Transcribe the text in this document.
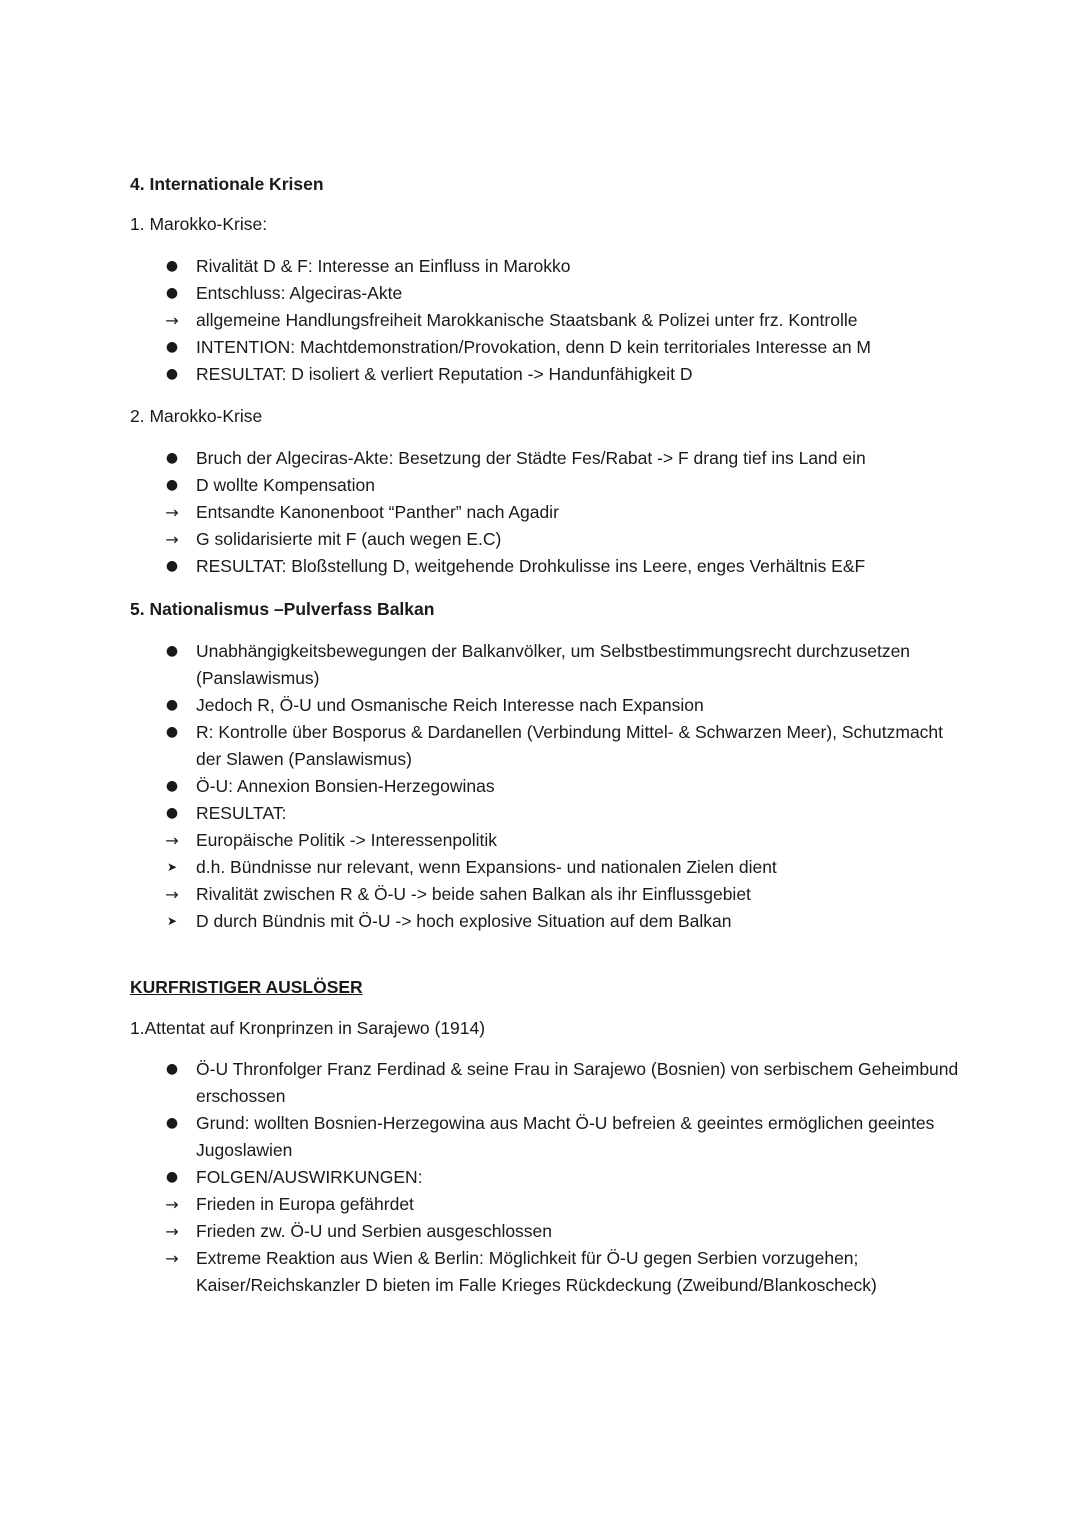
4. Internationale Krisen
1. Marokko-Krise:
●	Rivalität D & F: Interesse an Einfluss in Marokko
●	Entschluss: Algeciras-Akte
→ allgemeine Handlungsfreiheit Marokkanische Staatsbank & Polizei unter frz. Kontrolle
●	INTENTION: Machtdemonstration/Provokation, denn D kein territoriales Interesse an M
●	RESULTAT: D isoliert & verliert Reputation -> Handunfähigkeit D
2. Marokko-Krise
●	Bruch der Algeciras-Akte: Besetzung der Städte Fes/Rabat -> F drang tief ins Land ein
●	D wollte Kompensation
→ Entsandte Kanonenboot “Panther” nach Agadir
→ G solidarisierte mit F (auch wegen E.C)
●	RESULTAT: Bloßstellung D, weitgehende Drohkulisse ins Leere, enges Verhältnis E&F
5. Nationalismus –Pulverfass Balkan
●	Unabhängigkeitsbewegungen der Balkanvölker, um Selbstbestimmungsrecht durchzusetzen (Panslawismus)
●	Jedoch R, Ö-U und Osmanische Reich Interesse nach Expansion
●	R: Kontrolle über Bosporus & Dardanellen (Verbindung Mittel- & Schwarzen Meer), Schutzmacht der Slawen (Panslawismus)
●	Ö-U: Annexion Bonsien-Herzegowinas
●	RESULTAT:
→ Europäische Politik -> Interessenpolitik
➤	d.h. Bündnisse nur relevant, wenn Expansions- und nationalen Zielen dient
→ Rivalität zwischen R & Ö-U -> beide sahen Balkan als ihr Einflussgebiet
➤	D durch Bündnis mit Ö-U -> hoch explosive Situation auf dem Balkan
KURFRISTIGER AUSLÖSER
1.Attentat auf Kronprinzen in Sarajewo (1914)
●	Ö-U Thronfolger Franz Ferdinad & seine Frau in Sarajewo (Bosnien) von serbischem Geheimbund erschossen
●	Grund: wollten Bosnien-Herzegowina aus Macht Ö-U befreien & geeintes ermöglichen geeintes Jugoslawien
●	FOLGEN/AUSWIRKUNGEN:
→ Frieden in Europa gefährdet
→ Frieden zw. Ö-U und Serbien ausgeschlossen
→ Extreme Reaktion aus Wien & Berlin: Möglichkeit für Ö-U gegen Serbien vorzugehen; Kaiser/Reichskanzler D bieten im Falle Krieges Rückdeckung (Zweibund/Blankoscheck)
